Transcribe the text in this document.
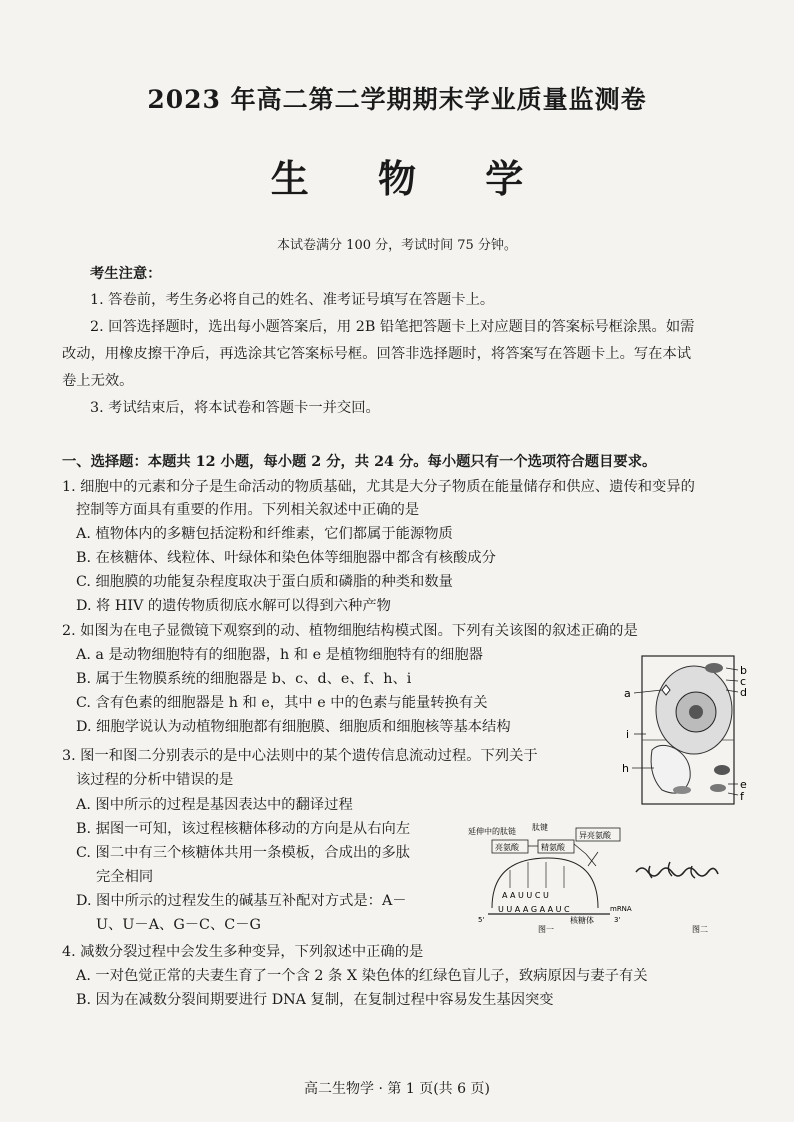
2023 年高二第二学期期末学业质量监测卷
生 物 学
本试卷满分 100 分，考试时间 75 分钟。
考生注意：
1. 答卷前，考生务必将自己的姓名、准考证号填写在答题卡上。
2. 回答选择题时，选出每小题答案后，用 2B 铅笔把答题卡上对应题目的答案标号框涂黑。如需
改动，用橡皮擦干净后，再选涂其它答案标号框。回答非选择题时，将答案写在答题卡上。写在本试
卷上无效。
3. 考试结束后，将本试卷和答题卡一并交回。
一、选择题：本题共 12 小题，每小题 2 分，共 24 分。每小题只有一个选项符合题目要求。
1. 细胞中的元素和分子是生命活动的物质基础，尤其是大分子物质在能量储存和供应、遗传和变异的
控制等方面具有重要的作用。下列相关叙述中正确的是
A. 植物体内的多糖包括淀粉和纤维素，它们都属于能源物质
B. 在核糖体、线粒体、叶绿体和染色体等细胞器中都含有核酸成分
C. 细胞膜的功能复杂程度取决于蛋白质和磷脂的种类和数量
D. 将 HIV 的遗传物质彻底水解可以得到六种产物
2. 如图为在电子显微镜下观察到的动、植物细胞结构模式图。下列有关该图的叙述正确的是
A. a 是动物细胞特有的细胞器，h 和 e 是植物细胞特有的细胞器
B. 属于生物膜系统的细胞器是 b、c、d、e、f、h、i
C. 含有色素的细胞器是 h 和 e，其中 e 中的色素与能量转换有关
D. 细胞学说认为动植物细胞都有细胞膜、细胞质和细胞核等基本结构
a
b
c
d
e
f
h
i
3. 图一和图二分别表示的是中心法则中的某个遗传信息流动过程。下列关于
该过程的分析中错误的是
A. 图中所示的过程是基因表达中的翻译过程
B. 据图一可知，该过程核糖体移动的方向是从右向左
C. 图二中有三个核糖体共用一条模板，合成出的多肽
完全相同
D. 图中所示的过程发生的碱基互补配对方式是：A－
U、U－A、G－C、C－G
延伸中的肽链 肽键
亮氨酸	精氨酸
异亮氨酸
A A U U C U
U U A A G A A U C
5'	3'
mRNA
核糖体
图一	图二
4. 减数分裂过程中会发生多种变异，下列叙述中正确的是
A. 一对色觉正常的夫妻生育了一个含 2 条 X 染色体的红绿色盲儿子，致病原因与妻子有关
B. 因为在减数分裂间期要进行 DNA 复制，在复制过程中容易发生基因突变
高二生物学 · 第 1 页(共 6 页)
